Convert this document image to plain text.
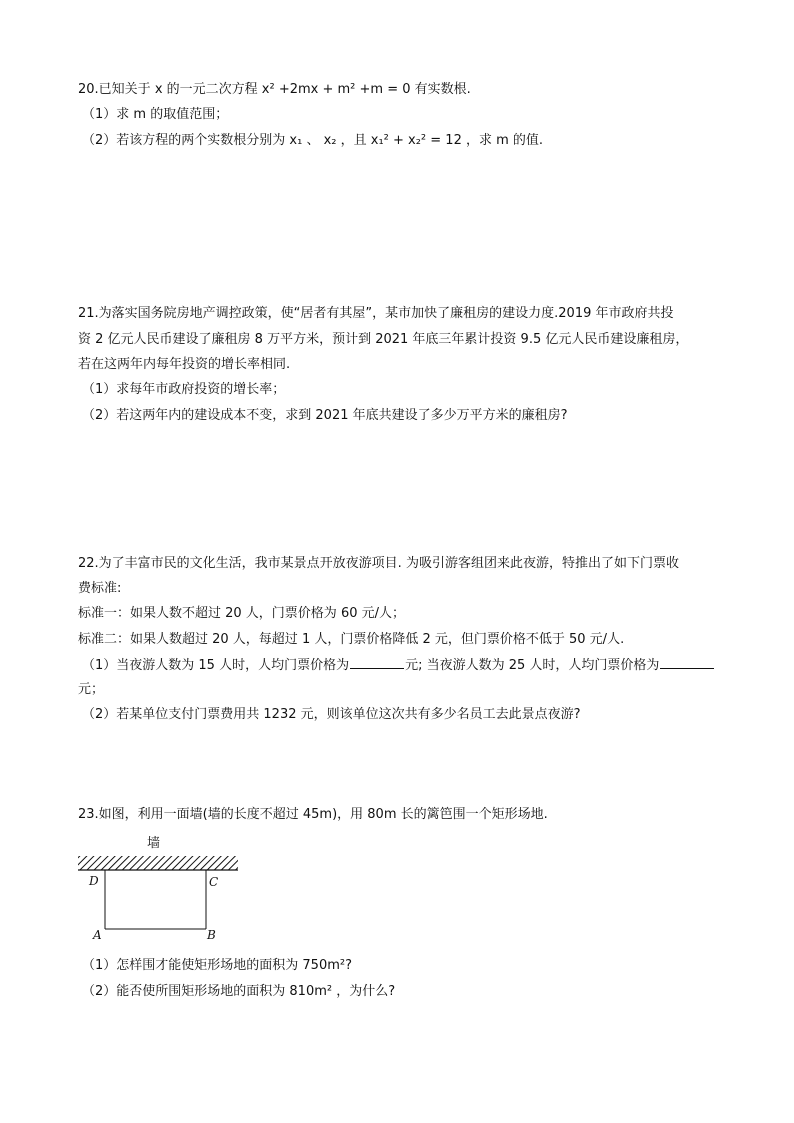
20.已知关于 x 的一元二次方程 x² +2mx + m² +m = 0 有实数根.
（1）求 m 的取值范围；
（2）若该方程的两个实数根分别为 x₁ 、 x₂ ，且 x₁² + x₂² = 12 ，求 m 的值.
21.为落实国务院房地产调控政策，使“居者有其屋”，某市加快了廉租房的建设力度.2019 年市政府共投
资 2 亿元人民币建设了廉租房 8 万平方米，预计到 2021 年底三年累计投资 9.5 亿元人民币建设廉租房，
若在这两年内每年投资的增长率相同.
（1）求每年市政府投资的增长率；
（2）若这两年内的建设成本不变，求到 2021 年底共建设了多少万平方米的廉租房?
22.为了丰富市民的文化生活，我市某景点开放夜游项目. 为吸引游客组团来此夜游，特推出了如下门票收
费标准:
标准一：如果人数不超过 20 人，门票价格为 60 元/人；
标准二：如果人数超过 20 人，每超过 1 人，门票价格降低 2 元，但门票价格不低于 50 元/人.
（1）当夜游人数为 15 人时，人均门票价格为	元; 当夜游人数为 25 人时，人均门票价格为
元；
（2）若某单位支付门票费用共 1232 元，则该单位这次共有多少名员工去此景点夜游?
23.如图，利用一面墙(墙的长度不超过 45m)，用 80m 长的篱笆围一个矩形场地.
墙
D	C
A	B
（1）怎样围才能使矩形场地的面积为 750m²?
（2）能否使所围矩形场地的面积为 810m² ，为什么?
